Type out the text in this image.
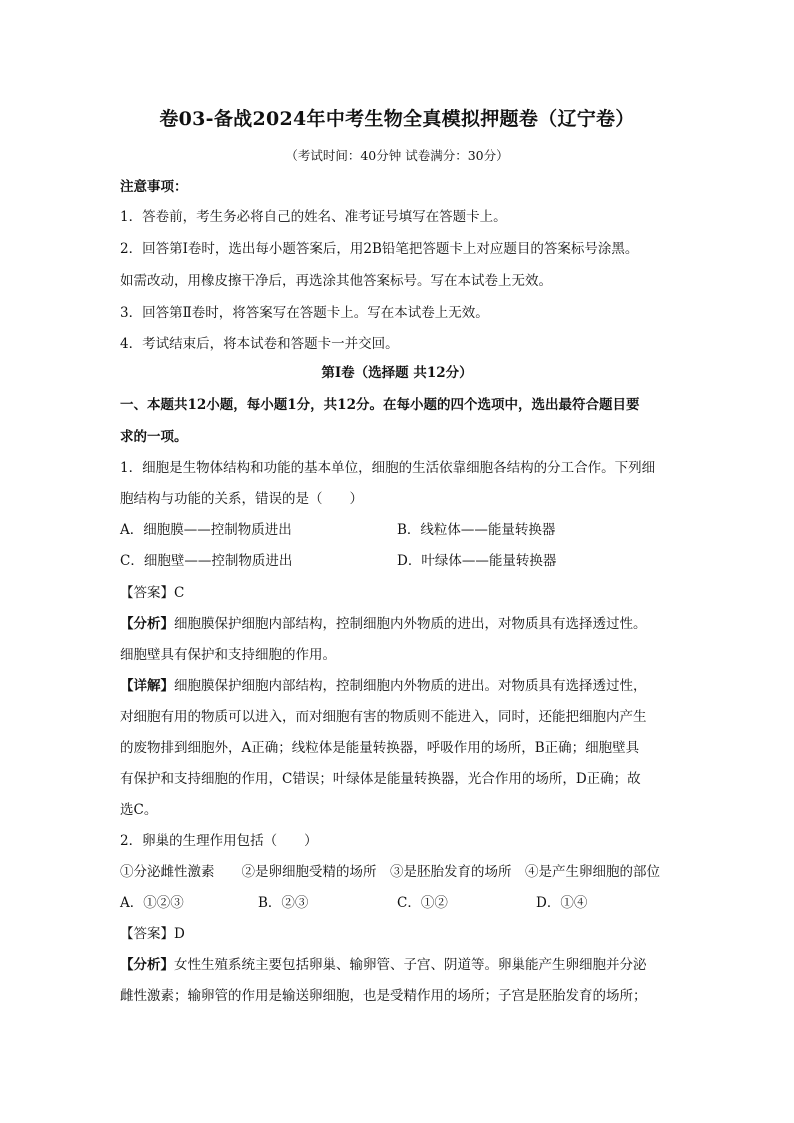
卷03-备战2024年中考生物全真模拟押题卷（辽宁卷）
（考试时间：40分钟 试卷满分：30分）
注意事项：
1．答卷前，考生务必将自己的姓名、准考证号填写在答题卡上。
2．回答第Ⅰ卷时，选出每小题答案后，用2B铅笔把答题卡上对应题目的答案标号涂黑。
如需改动，用橡皮擦干净后，再选涂其他答案标号。写在本试卷上无效。
3．回答第Ⅱ卷时，将答案写在答题卡上。写在本试卷上无效。
4．考试结束后，将本试卷和答题卡一并交回。
第Ⅰ卷（选择题 共12分）
一、本题共12小题，每小题1分，共12分。在每小题的四个选项中，选出最符合题目要
求的一项。
1．细胞是生物体结构和功能的基本单位，细胞的生活依靠细胞各结构的分工合作。下列细
胞结构与功能的关系，错误的是（　　）
A．细胞膜——控制物质进出	B．线粒体——能量转换器
C．细胞壁——控制物质进出	D．叶绿体——能量转换器
【答案】C
【分析】细胞膜保护细胞内部结构，控制细胞内外物质的进出，对物质具有选择透过性。
细胞壁具有保护和支持细胞的作用。
【详解】细胞膜保护细胞内部结构，控制细胞内外物质的进出。对物质具有选择透过性，
对细胞有用的物质可以进入，而对细胞有害的物质则不能进入，同时，还能把细胞内产生
的废物排到细胞外，A正确；线粒体是能量转换器，呼吸作用的场所，B正确；细胞壁具
有保护和支持细胞的作用，C错误；叶绿体是能量转换器，光合作用的场所，D正确；故
选C。
2．卵巢的生理作用包括（　　）
①分泌雌性激素　　②是卵细胞受精的场所　③是胚胎发育的场所　④是产生卵细胞的部位
A．①②③	B．②③	C．①②	D．①④
【答案】D
【分析】女性生殖系统主要包括卵巢、输卵管、子宫、阴道等。卵巢能产生卵细胞并分泌
雌性激素；输卵管的作用是输送卵细胞，也是受精作用的场所；子宫是胚胎发育的场所；
